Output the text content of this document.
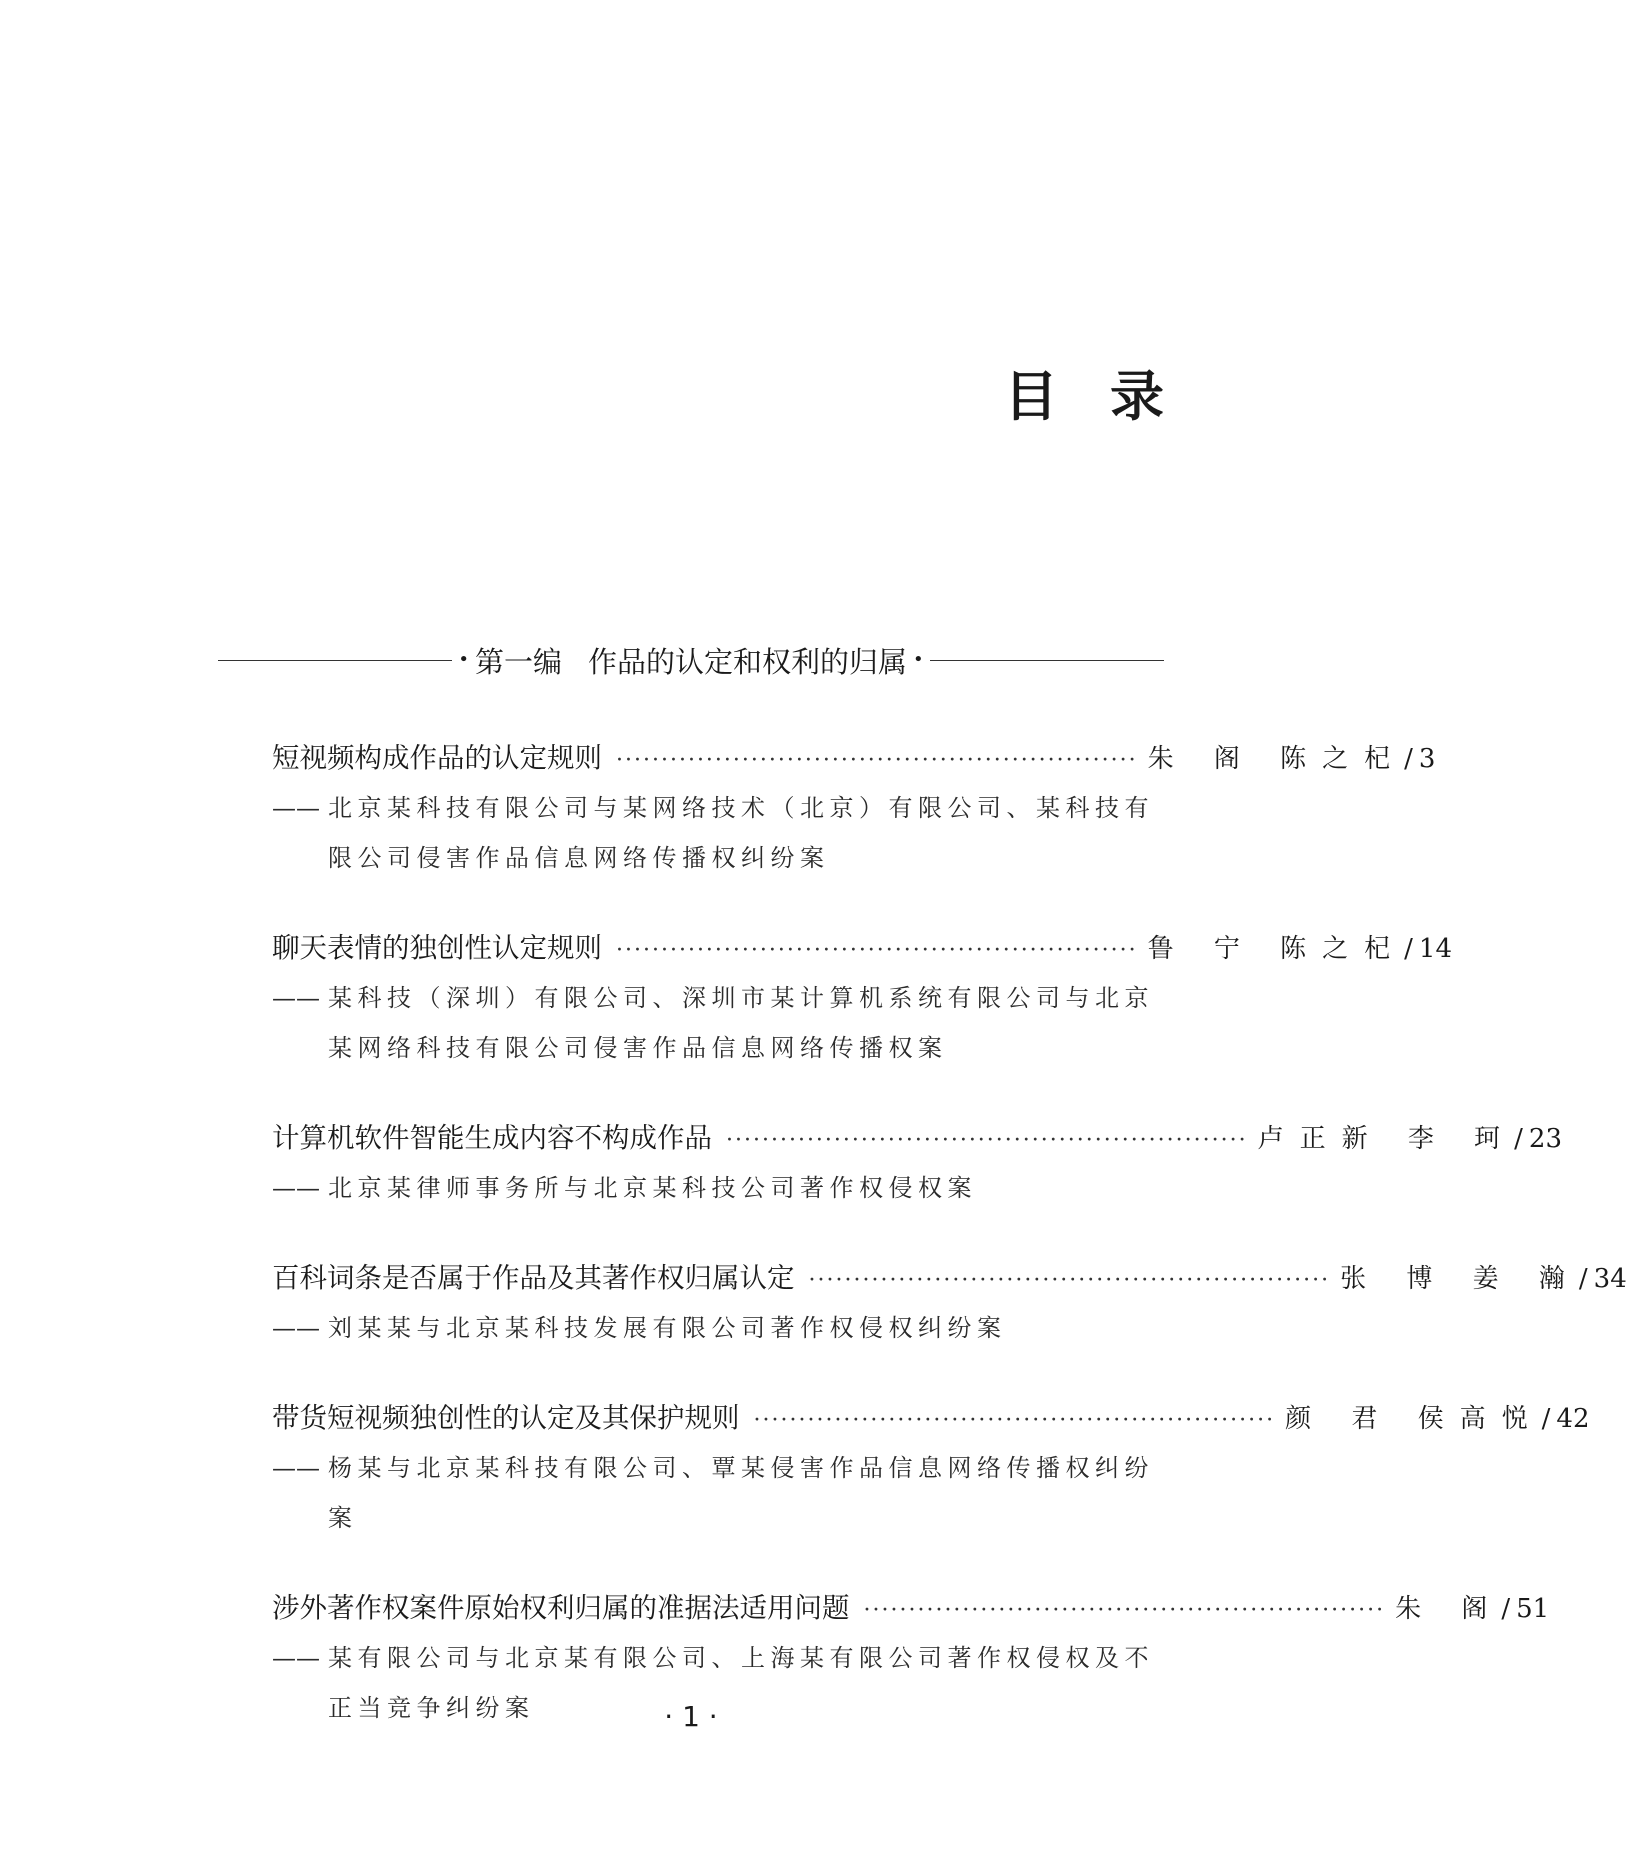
目录
• 第一编 作品的认定和权利的归属 •
短视频构成作品的认定规则 ·························································· 朱 阁 陈之杞
/ 3
—— 北京某科技有限公司与某网络技术（北京）有限公司、某科技有限公司侵害作品信息网络传播权纠纷案
聊天表情的独创性认定规则 ·························································· 鲁 宁 陈之杞
/ 14
—— 某科技（深圳）有限公司、深圳市某计算机系统有限公司与北京某网络科技有限公司侵害作品信息网络传播权案
计算机软件智能生成内容不构成作品 ·························································· 卢正新 李 珂
/ 23
—— 北京某律师事务所与北京某科技公司著作权侵权案
百科词条是否属于作品及其著作权归属认定 ·························································· 张 博 姜 瀚
/ 34
—— 刘某某与北京某科技发展有限公司著作权侵权纠纷案
带货短视频独创性的认定及其保护规则 ·························································· 颜 君 侯高悦
/ 42
—— 杨某与北京某科技有限公司、覃某侵害作品信息网络传播权纠纷案
涉外著作权案件原始权利归属的准据法适用问题 ·························································· 朱 阁
/ 51
—— 某有限公司与北京某有限公司、上海某有限公司著作权侵权及不正当竞争纠纷案	· 1 ·
